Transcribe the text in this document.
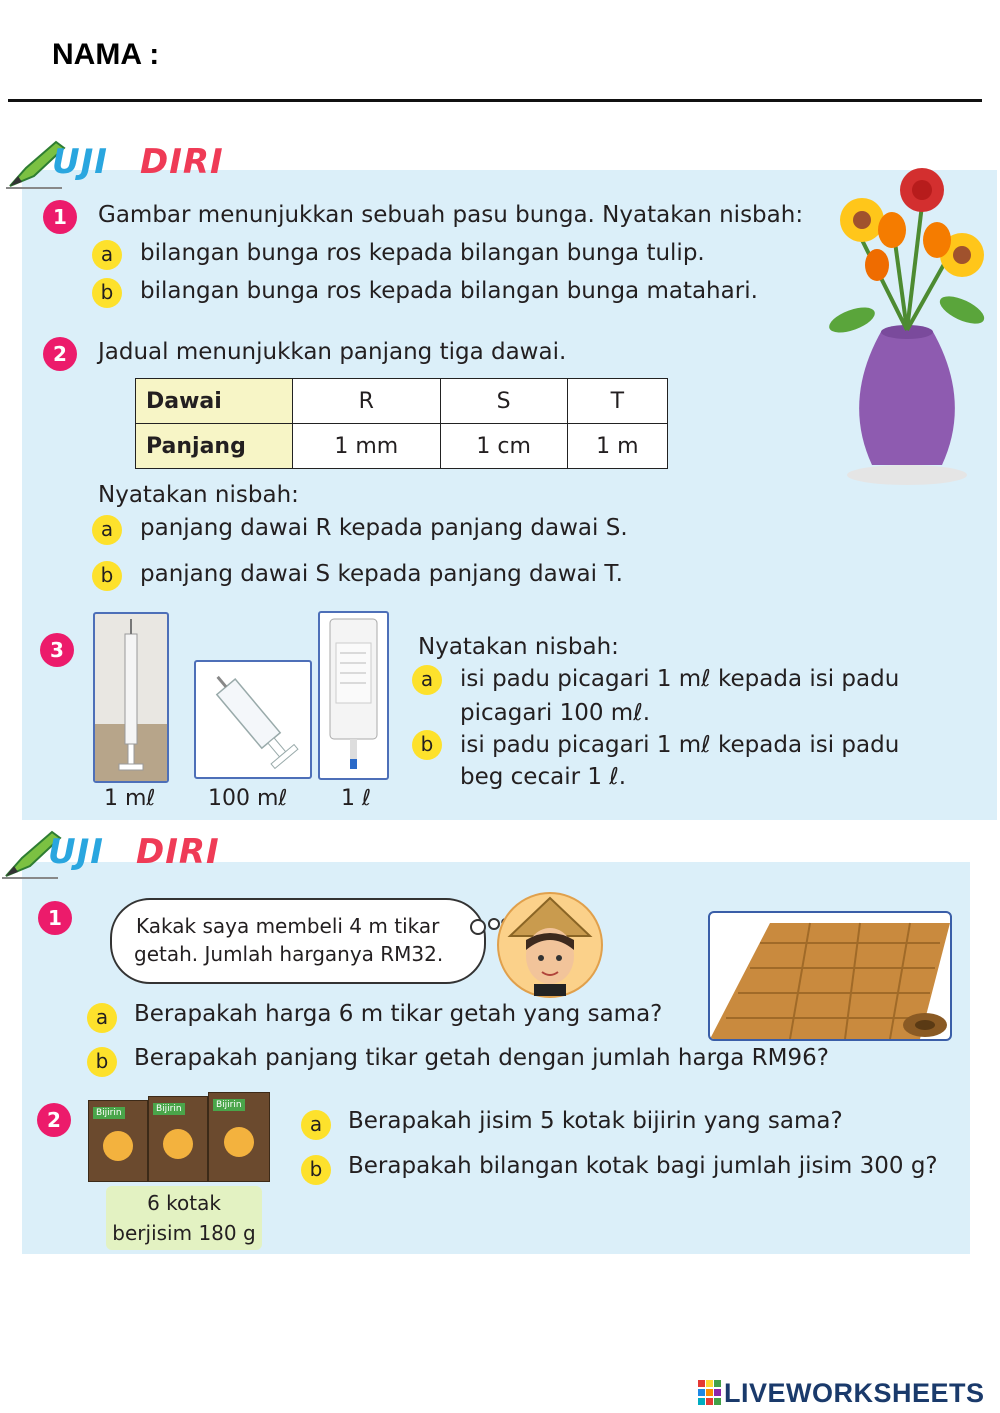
NAMA :
UJI DIRI
1	Gambar menunjukkan sebuah pasu bunga. Nyatakan nisbah:
a	bilangan bunga ros kepada bilangan bunga tulip.
b	bilangan bunga ros kepada bilangan bunga matahari.
2	Jadual menunjukkan panjang tiga dawai.
Dawai	R	S	T
Panjang	1 mm	1 cm	1 m
Nyatakan nisbah:
a	panjang dawai R kepada panjang dawai S.
b	panjang dawai S kepada panjang dawai T.
3
1 mℓ 100 mℓ 1 ℓ
Nyatakan nisbah:
a	isi padu picagari 1 mℓ kepada isi padu
picagari 100 mℓ.
b	isi padu picagari 1 mℓ kepada isi padu
beg cecair 1 ℓ.
UJI DIRI
1	Kakak saya membeli 4 m tikar
getah. Jumlah harganya RM32.
a	Berapakah harga 6 m tikar getah yang sama?
b	Berapakah panjang tikar getah dengan jumlah harga RM96?
2	Bijirin	Bijirin	Bijirin
6 kotak
berjisim 180 g
a	Berapakah jisim 5 kotak bijirin yang sama?
b	Berapakah bilangan kotak bagi jumlah jisim 300 g?
LIVEWORKSHEETS
